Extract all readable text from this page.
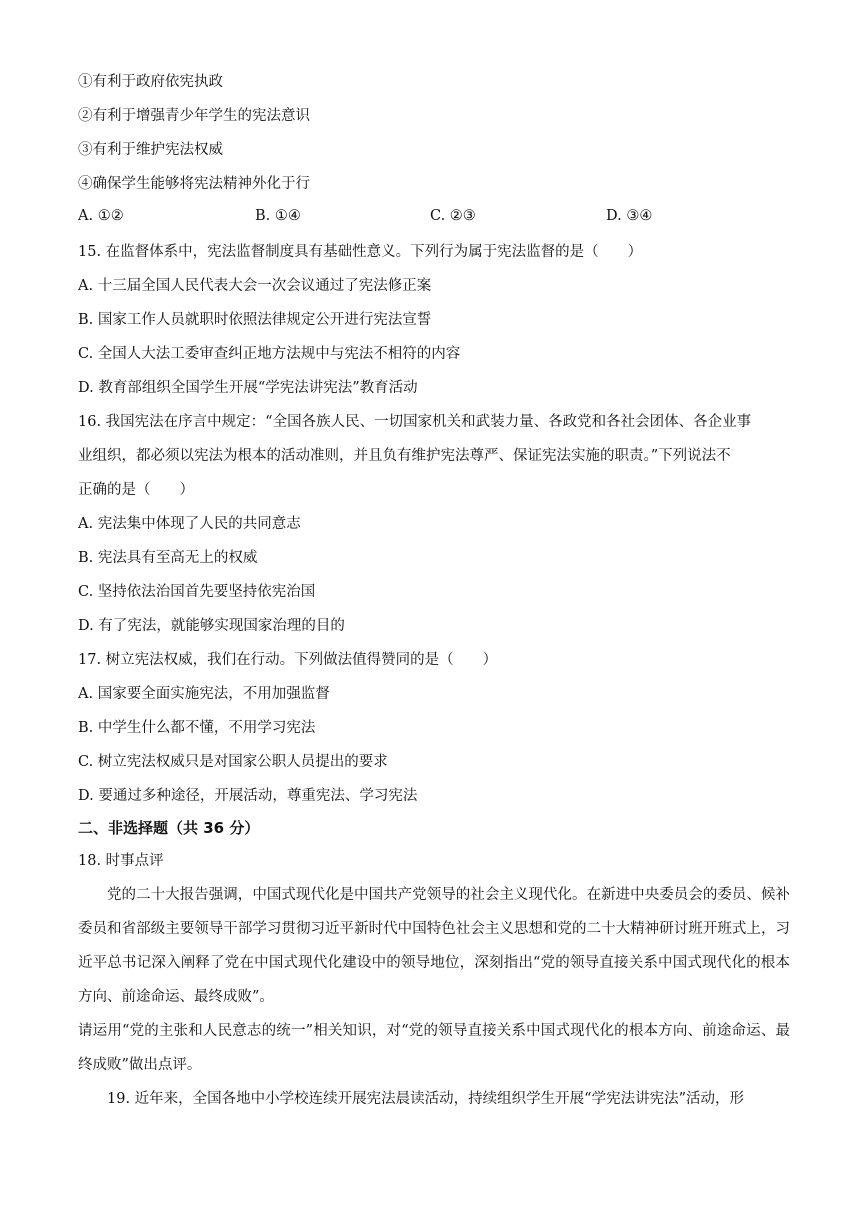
①有利于政府依宪执政
②有利于增强青少年学生的宪法意识
③有利于维护宪法权威
④确保学生能够将宪法精神外化于行
A. ①②	B. ①④	C. ②③	D. ③④
15. 在监督体系中，宪法监督制度具有基础性意义。下列行为属于宪法监督的是（　　）
A. 十三届全国人民代表大会一次会议通过了宪法修正案
B. 国家工作人员就职时依照法律规定公开进行宪法宣誓
C. 全国人大法工委审查纠正地方法规中与宪法不相符的内容
D. 教育部组织全国学生开展“学宪法讲宪法”教育活动
16. 我国宪法在序言中规定：“全国各族人民、一切国家机关和武装力量、各政党和各社会团体、各企业事
业组织，都必须以宪法为根本的活动准则，并且负有维护宪法尊严、保证宪法实施的职责。”下列说法不
正确的是（　　）
A. 宪法集中体现了人民的共同意志
B. 宪法具有至高无上的权威
C. 坚持依法治国首先要坚持依宪治国
D. 有了宪法，就能够实现国家治理的目的
17. 树立宪法权威，我们在行动。下列做法值得赞同的是（　　）
A. 国家要全面实施宪法，不用加强监督
B. 中学生什么都不懂，不用学习宪法
C. 树立宪法权威只是对国家公职人员提出的要求
D. 要通过多种途径，开展活动，尊重宪法、学习宪法
二、非选择题（共 36 分）
18. 时事点评
党的二十大报告强调，中国式现代化是中国共产党领导的社会主义现代化。在新进中央委员会的委员、候补委员和省部级主要领导干部学习贯彻习近平新时代中国特色社会主义思想和党的二十大精神研讨班开班式上，习近平总书记深入阐释了党在中国式现代化建设中的领导地位，深刻指出“党的领导直接关系中国式现代化的根本方向、前途命运、最终成败”。
请运用“党的主张和人民意志的统一”相关知识，对“党的领导直接关系中国式现代化的根本方向、前途命运、最终成败”做出点评。
19. 近年来，全国各地中小学校连续开展宪法晨读活动，持续组织学生开展“学宪法讲宪法”活动，形
